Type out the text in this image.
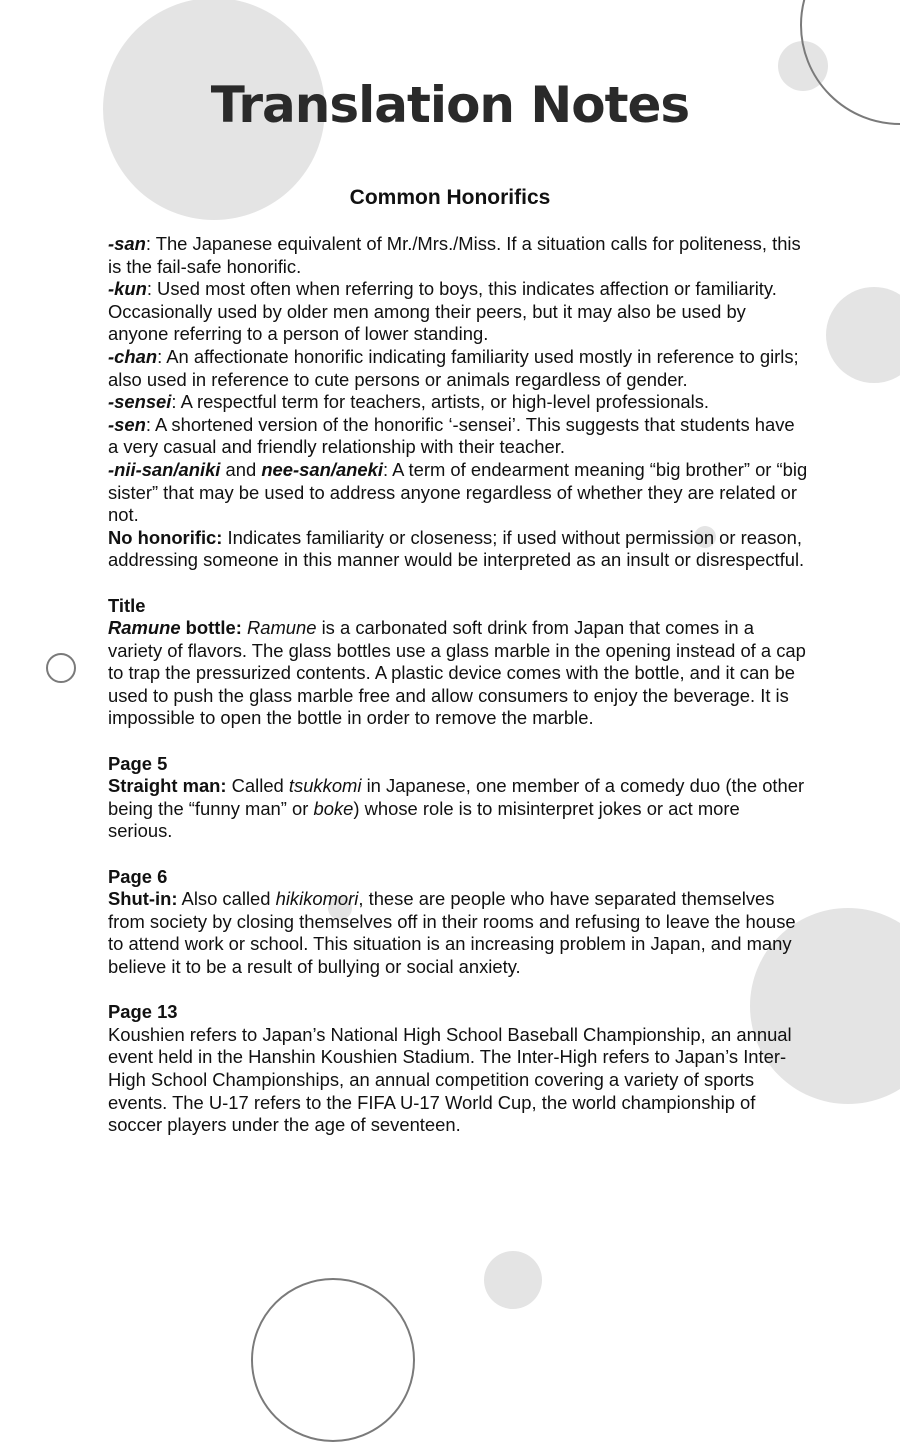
Translation Notes
Common Honorifics

-san: The Japanese equivalent of Mr./Mrs./Miss. If a situation calls for politeness, this is the fail-safe honorific.

-kun: Used most often when referring to boys, this indicates affection or familiarity. Occasionally used by older men among their peers, but it may also be used by anyone referring to a person of lower standing.

-chan: An affectionate honorific indicating familiarity used mostly in reference to girls; also used in reference to cute persons or animals regardless of gender.

-sensei: A respectful term for teachers, artists, or high-level professionals.

-sen: A shortened version of the honorific ‘-sensei’. This suggests that students have a very casual and friendly relationship with their teacher.

-nii-san/aniki and nee-san/aneki: A term of endearment meaning “big brother” or “big sister” that may be used to address anyone regardless of whether they are related or not.

No honorific: Indicates familiarity or closeness; if used without permission or reason, addressing someone in this manner would be interpreted as an insult or disrespectful.

Title

Ramune bottle: Ramune is a carbonated soft drink from Japan that comes in a variety of flavors. The glass bottles use a glass marble in the opening instead of a cap to trap the pressurized contents. A plastic device comes with the bottle, and it can be used to push the glass marble free and allow consumers to enjoy the beverage. It is impossible to open the bottle in order to remove the marble.

Page 5

Straight man: Called tsukkomi in Japanese, one member of a comedy duo (the other being the “funny man” or boke) whose role is to misinterpret jokes or act more serious.

Page 6

Shut-in: Also called hikikomori, these are people who have separated themselves from society by closing themselves off in their rooms and refusing to leave the house to attend work or school. This situation is an increasing problem in Japan, and many believe it to be a result of bullying or social anxiety.

Page 13

Koushien refers to Japan’s National High School Baseball Championship, an annual event held in the Hanshin Koushien Stadium. The Inter-High refers to Japan’s Inter-High School Championships, an annual competition covering a variety of sports events. The U-17 refers to the FIFA U-17 World Cup, the world championship of soccer players under the age of seventeen.
